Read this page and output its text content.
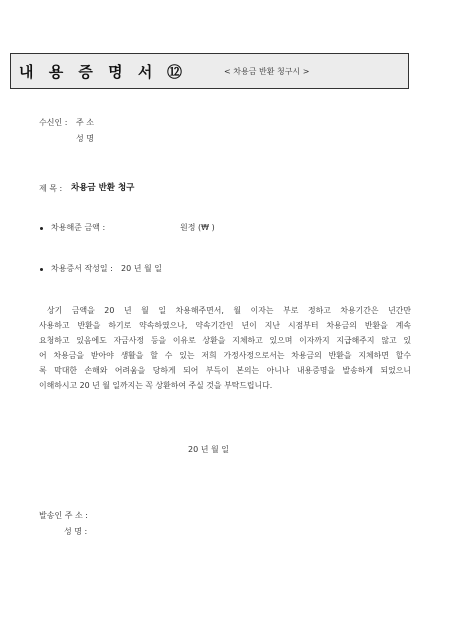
내 용 증 명 서 ⑫	< 차용금 반환 청구시 >
수신인 : 주 소
성 명
제 목 : 차용금 반환 청구
차용해준 금액 :	원정 (₩ )
차용증서 작성일 : 20 년 월 일
상기 금액을 20 년 월 일 차용해주면서, 월 이자는 부로 정하고 차용기간은 년간만
사용하고 반환을 하기로 약속하였으나, 약속기간인 년이 지난 시점부터 차용금의 반환을 계속
요청하고 있음에도 자금사정 등을 이유로 상환을 지체하고 있으며 이자까지 지급해주지 않고 있
어 차용금을 받아야 생활을 할 수 있는 저희 가정사정으로서는 차용금의 반환을 지체하면 할수
록 막대한 손해와 어려움을 당하게 되어 부득이 본의는 아니나 내용증명을 발송하게 되었으니
이해하시고 20 년 월 일까지는 꼭 상환하여 주실 것을 부탁드립니다.
20 년 월 일
발송인 주 소 :
성 명 :
